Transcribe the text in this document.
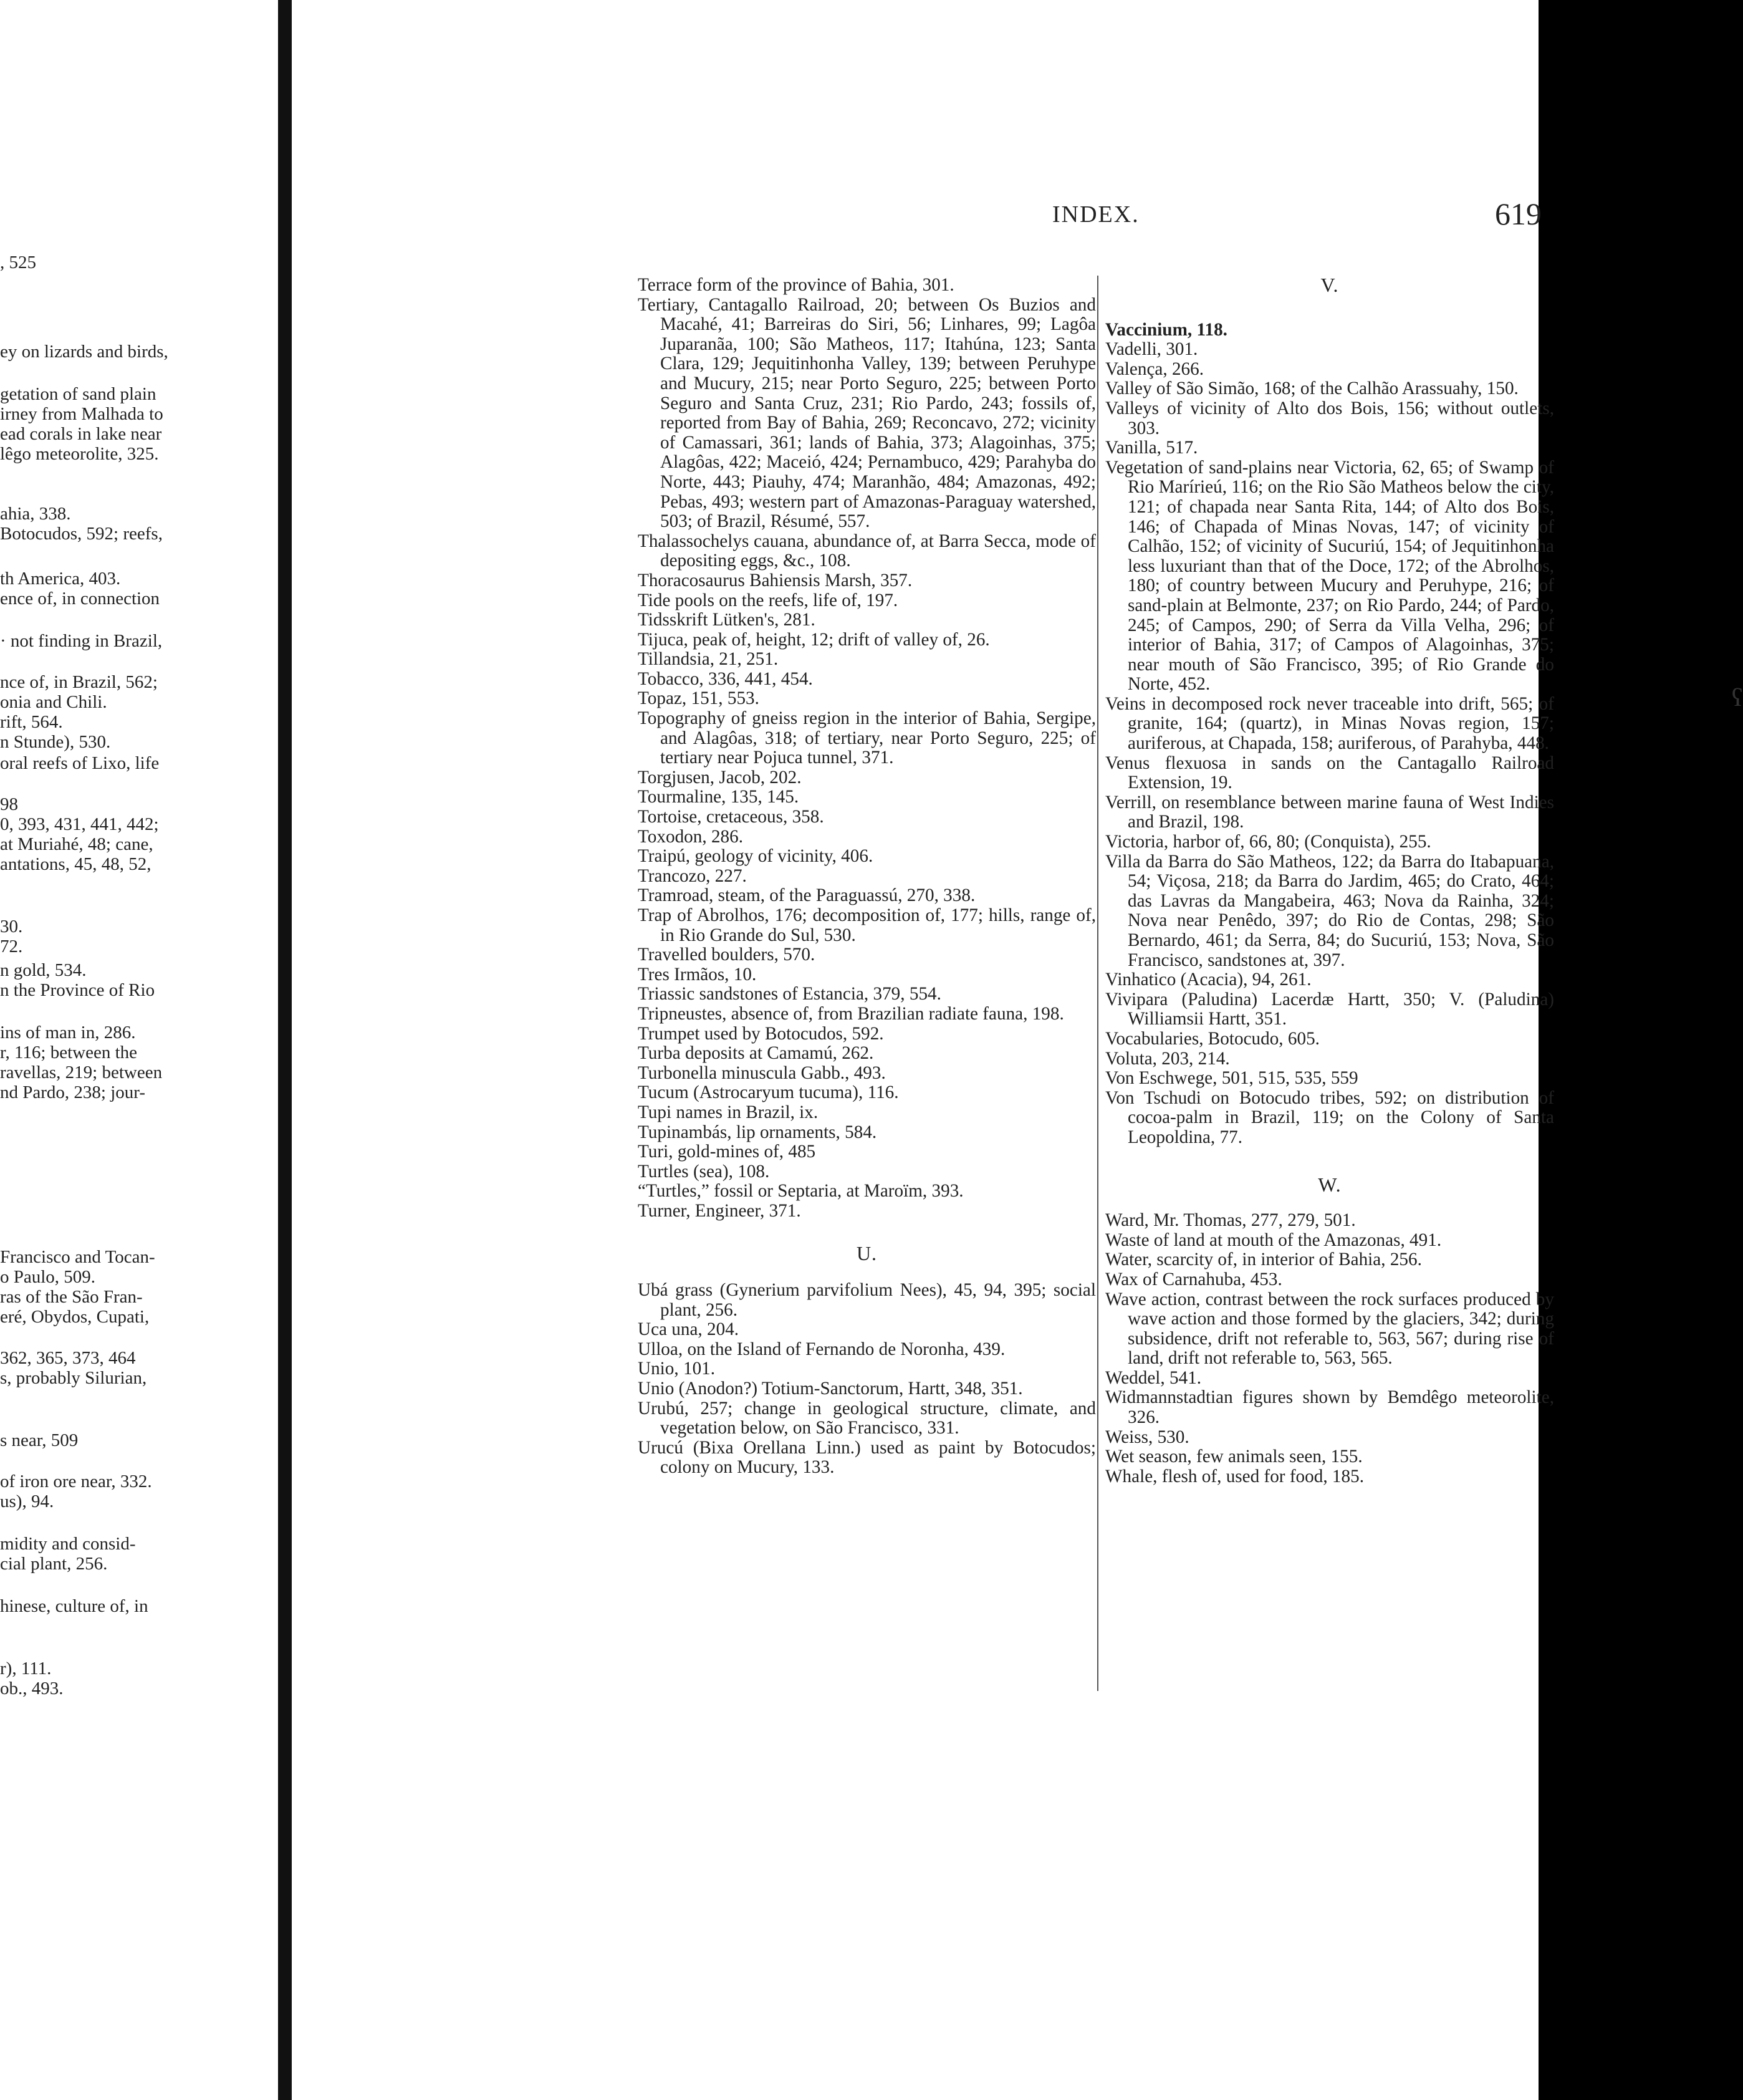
, 525
ey on lizards and birds,
getation of sand plain
irney from Malhada to
ead corals in lake near
lêgo meteorolite, 325.
ahia, 338.
Botocudos, 592; reefs,
th America, 403.
ence of, in connection
· not finding in Brazil,
nce of, in Brazil, 562;
onia and Chili.
rift, 564.
n Stunde), 530.
oral reefs of Lixo, life
98
0, 393, 431, 441, 442;
at Muriahé, 48; cane,
antations, 45, 48, 52,
30.
72.
n gold, 534.
n the Province of Rio
ins of man in, 286.
r, 116; between the
ravellas, 219; between
nd Pardo, 238; jour-
Francisco and Tocan-
o Paulo, 509.
ras of the São Fran-
eré, Obydos, Cupati,
362, 365, 373, 464
s, probably Silurian,
s near, 509
of iron ore near, 332.
us), 94.
midity and consid-
cial plant, 256.
hinese, culture of, in
r), 111.
ob., 493.
INDEX.	619

Terrace form of the province of Bahia, 301.

Tertiary, Cantagallo Railroad, 20; between Os Buzios and Macahé, 41; Barreiras do Siri, 56; Linhares, 99; Lagôa Juparanãa, 100; São Matheos, 117; Itahúna, 123; Santa Clara, 129; Jequitinhonha Valley, 139; between Peruhype and Mucury, 215; near Porto Seguro, 225; between Porto Seguro and Santa Cruz, 231; Rio Pardo, 243; fossils of, reported from Bay of Bahia, 269; Reconcavo, 272; vicinity of Camassari, 361; lands of Bahia, 373; Alagoinhas, 375; Alagôas, 422; Maceió, 424; Pernambuco, 429; Parahyba do Norte, 443; Piauhy, 474; Maranhão, 484; Amazonas, 492; Pebas, 493; western part of Amazonas-Paraguay watershed, 503; of Brazil, Résumé, 557.

Thalassochelys cauana, abundance of, at Barra Secca, mode of depositing eggs, &c., 108.

Thoracosaurus Bahiensis Marsh, 357.

Tide pools on the reefs, life of, 197.

Tidsskrift Lütken's, 281.

Tijuca, peak of, height, 12; drift of valley of, 26.

Tillandsia, 21, 251.

Tobacco, 336, 441, 454.

Topaz, 151, 553.

Topography of gneiss region in the interior of Bahia, Sergipe, and Alagôas, 318; of tertiary, near Porto Seguro, 225; of tertiary near Pojuca tunnel, 371.

Torgjusen, Jacob, 202.

Tourmaline, 135, 145.

Tortoise, cretaceous, 358.

Toxodon, 286.

Traipú, geology of vicinity, 406.

Trancozo, 227.

Tramroad, steam, of the Paraguassú, 270, 338.

Trap of Abrolhos, 176; decomposition of, 177; hills, range of, in Rio Grande do Sul, 530.

Travelled boulders, 570.

Tres Irmãos, 10.

Triassic sandstones of Estancia, 379, 554.

Tripneustes, absence of, from Brazilian radiate fauna, 198.

Trumpet used by Botocudos, 592.

Turba deposits at Camamú, 262.

Turbonella minuscula Gabb., 493.

Tucum (Astrocaryum tucuma), 116.

Tupi names in Brazil, ix.

Tupinambás, lip ornaments, 584.

Turi, gold-mines of, 485

Turtles (sea), 108.

“Turtles,” fossil or Septaria, at Maroïm, 393.

Turner, Engineer, 371.

U.

Ubá grass (Gynerium parvifolium Nees), 45, 94, 395; social plant, 256.

Uca una, 204.

Ulloa, on the Island of Fernando de Noronha, 439.

Unio, 101.

Unio (Anodon?) Totium-Sanctorum, Hartt, 348, 351.

Urubú, 257; change in geological structure, climate, and vegetation below, on São Francisco, 331.

Urucú (Bixa Orellana Linn.) used as paint by Botocudos; colony on Mucury, 133.

V.

Vaccinium, 118.

Vadelli, 301.

Valença, 266.

Valley of São Simão, 168; of the Calhão Arassuahy, 150.

Valleys of vicinity of Alto dos Bois, 156; without outlets, 303.

Vanilla, 517.

Vegetation of sand-plains near Victoria, 62, 65; of Swamp of Rio Marírieú, 116; on the Rio São Matheos below the city, 121; of chapada near Santa Rita, 144; of Alto dos Bois, 146; of Chapada of Minas Novas, 147; of vicinity of Calhão, 152; of vicinity of Sucuriú, 154; of Jequitinhonha less luxuriant than that of the Doce, 172; of the Abrolhos, 180; of country between Mucury and Peruhype, 216; of sand-plain at Belmonte, 237; on Rio Pardo, 244; of Pardo, 245; of Campos, 290; of Serra da Villa Velha, 296; of interior of Bahia, 317; of Campos of Alagoinhas, 375; near mouth of São Francisco, 395; of Rio Grande do Norte, 452.

Veins in decomposed rock never traceable into drift, 565; of granite, 164; (quartz), in Minas Novas region, 157; auriferous, at Chapada, 158; auriferous, of Parahyba, 448.

Venus flexuosa in sands on the Cantagallo Railroad Extension, 19.

Verrill, on resemblance between marine fauna of West Indies and Brazil, 198.

Victoria, harbor of, 66, 80; (Conquista), 255.

Villa da Barra do São Matheos, 122; da Barra do Itabapuana, 54; Viçosa, 218; da Barra do Jardim, 465; do Crato, 464; das Lavras da Mangabeira, 463; Nova da Rainha, 324; Nova near Penêdo, 397; do Rio de Contas, 298; São Bernardo, 461; da Serra, 84; do Sucuriú, 153; Nova, São Francisco, sandstones at, 397.

Vinhatico (Acacia), 94, 261.

Vivipara (Paludina) Lacerdæ Hartt, 350; V. (Paludina) Williamsii Hartt, 351.

Vocabularies, Botocudo, 605.

Voluta, 203, 214.

Von Eschwege, 501, 515, 535, 559

Von Tschudi on Botocudo tribes, 592; on distribution of cocoa-palm in Brazil, 119; on the Colony of Santa Leopoldina, 77.

W.

Ward, Mr. Thomas, 277, 279, 501.

Waste of land at mouth of the Amazonas, 491.

Water, scarcity of, in interior of Bahia, 256.

Wax of Carnahuba, 453.

Wave action, contrast between the rock surfaces produced by wave action and those formed by the glaciers, 342; during subsidence, drift not referable to, 563, 567; during rise of land, drift not referable to, 563, 565.

Weddel, 541.

Widmannstadtian figures shown by Bemdêgo meteorolite, 326.

Weiss, 530.

Wet season, few animals seen, 155.

Whale, flesh of, used for food, 185.

ʕ
